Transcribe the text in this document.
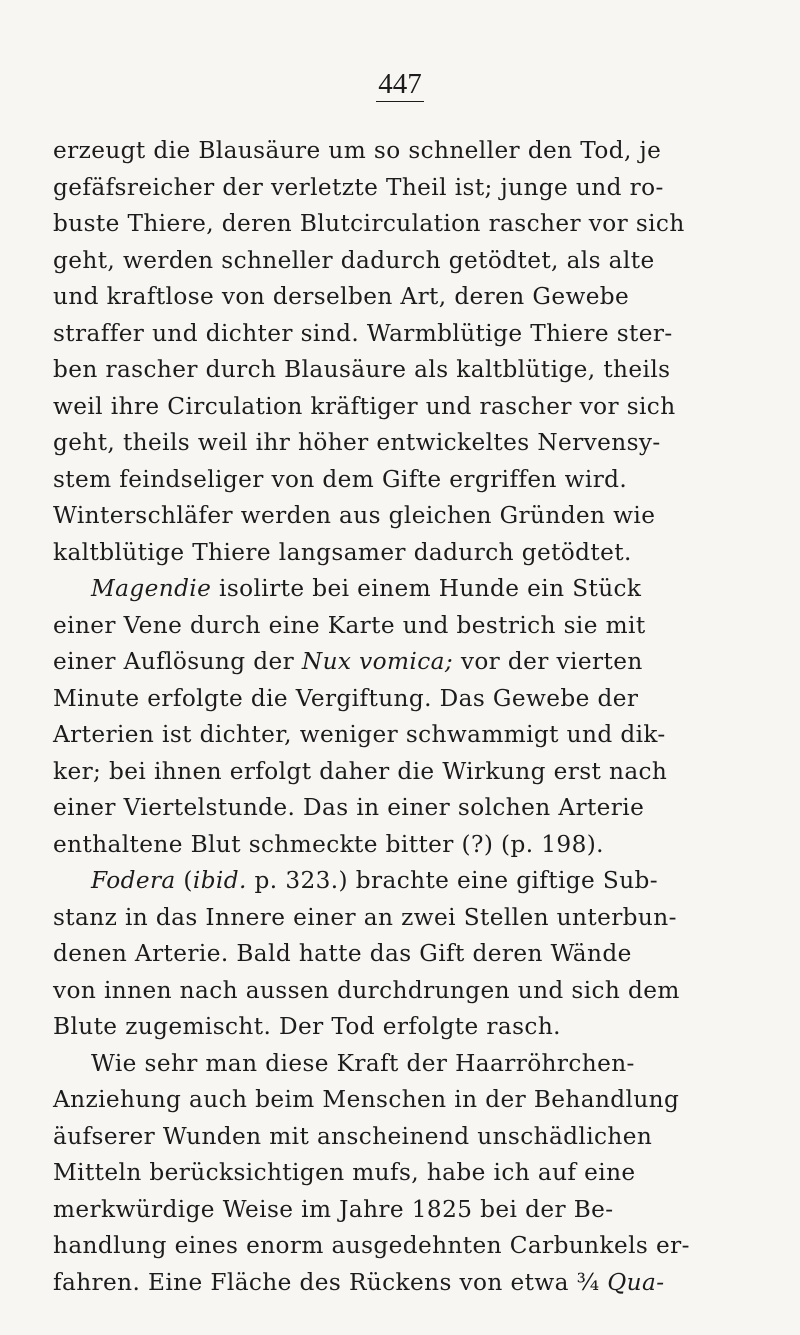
447
erzeugt die Blausäure um so schneller den Tod, je
gefäfsreicher der verletzte Theil ist; junge und ro-
buste Thiere, deren Blutcirculation rascher vor sich
geht, werden schneller dadurch getödtet, als alte
und kraftlose von derselben Art, deren Gewebe
straffer und dichter sind. Warmblütige Thiere ster-
ben rascher durch Blausäure als kaltblütige, theils
weil ihre Circulation kräftiger und rascher vor sich
geht, theils weil ihr höher entwickeltes Nervensy-
stem feindseliger von dem Gifte ergriffen wird.
Winterschläfer werden aus gleichen Gründen wie
kaltblütige Thiere langsamer dadurch getödtet.
Magendie isolirte bei einem Hunde ein Stück
einer Vene durch eine Karte und bestrich sie mit
einer Auflösung der Nux vomica; vor der vierten
Minute erfolgte die Vergiftung. Das Gewebe der
Arterien ist dichter, weniger schwammigt und dik-
ker; bei ihnen erfolgt daher die Wirkung erst nach
einer Viertelstunde. Das in einer solchen Arterie
enthaltene Blut schmeckte bitter (?) (p. 198).
Fodera (ibid. p. 323.) brachte eine giftige Sub-
stanz in das Innere einer an zwei Stellen unterbun-
denen Arterie. Bald hatte das Gift deren Wände
von innen nach aussen durchdrungen und sich dem
Blute zugemischt. Der Tod erfolgte rasch.
Wie sehr man diese Kraft der Haarröhrchen-
Anziehung auch beim Menschen in der Behandlung
äufserer Wunden mit anscheinend unschädlichen
Mitteln berücksichtigen mufs, habe ich auf eine
merkwürdige Weise im Jahre 1825 bei der Be-
handlung eines enorm ausgedehnten Carbunkels er-
fahren. Eine Fläche des Rückens von etwa ¾ Qua-
